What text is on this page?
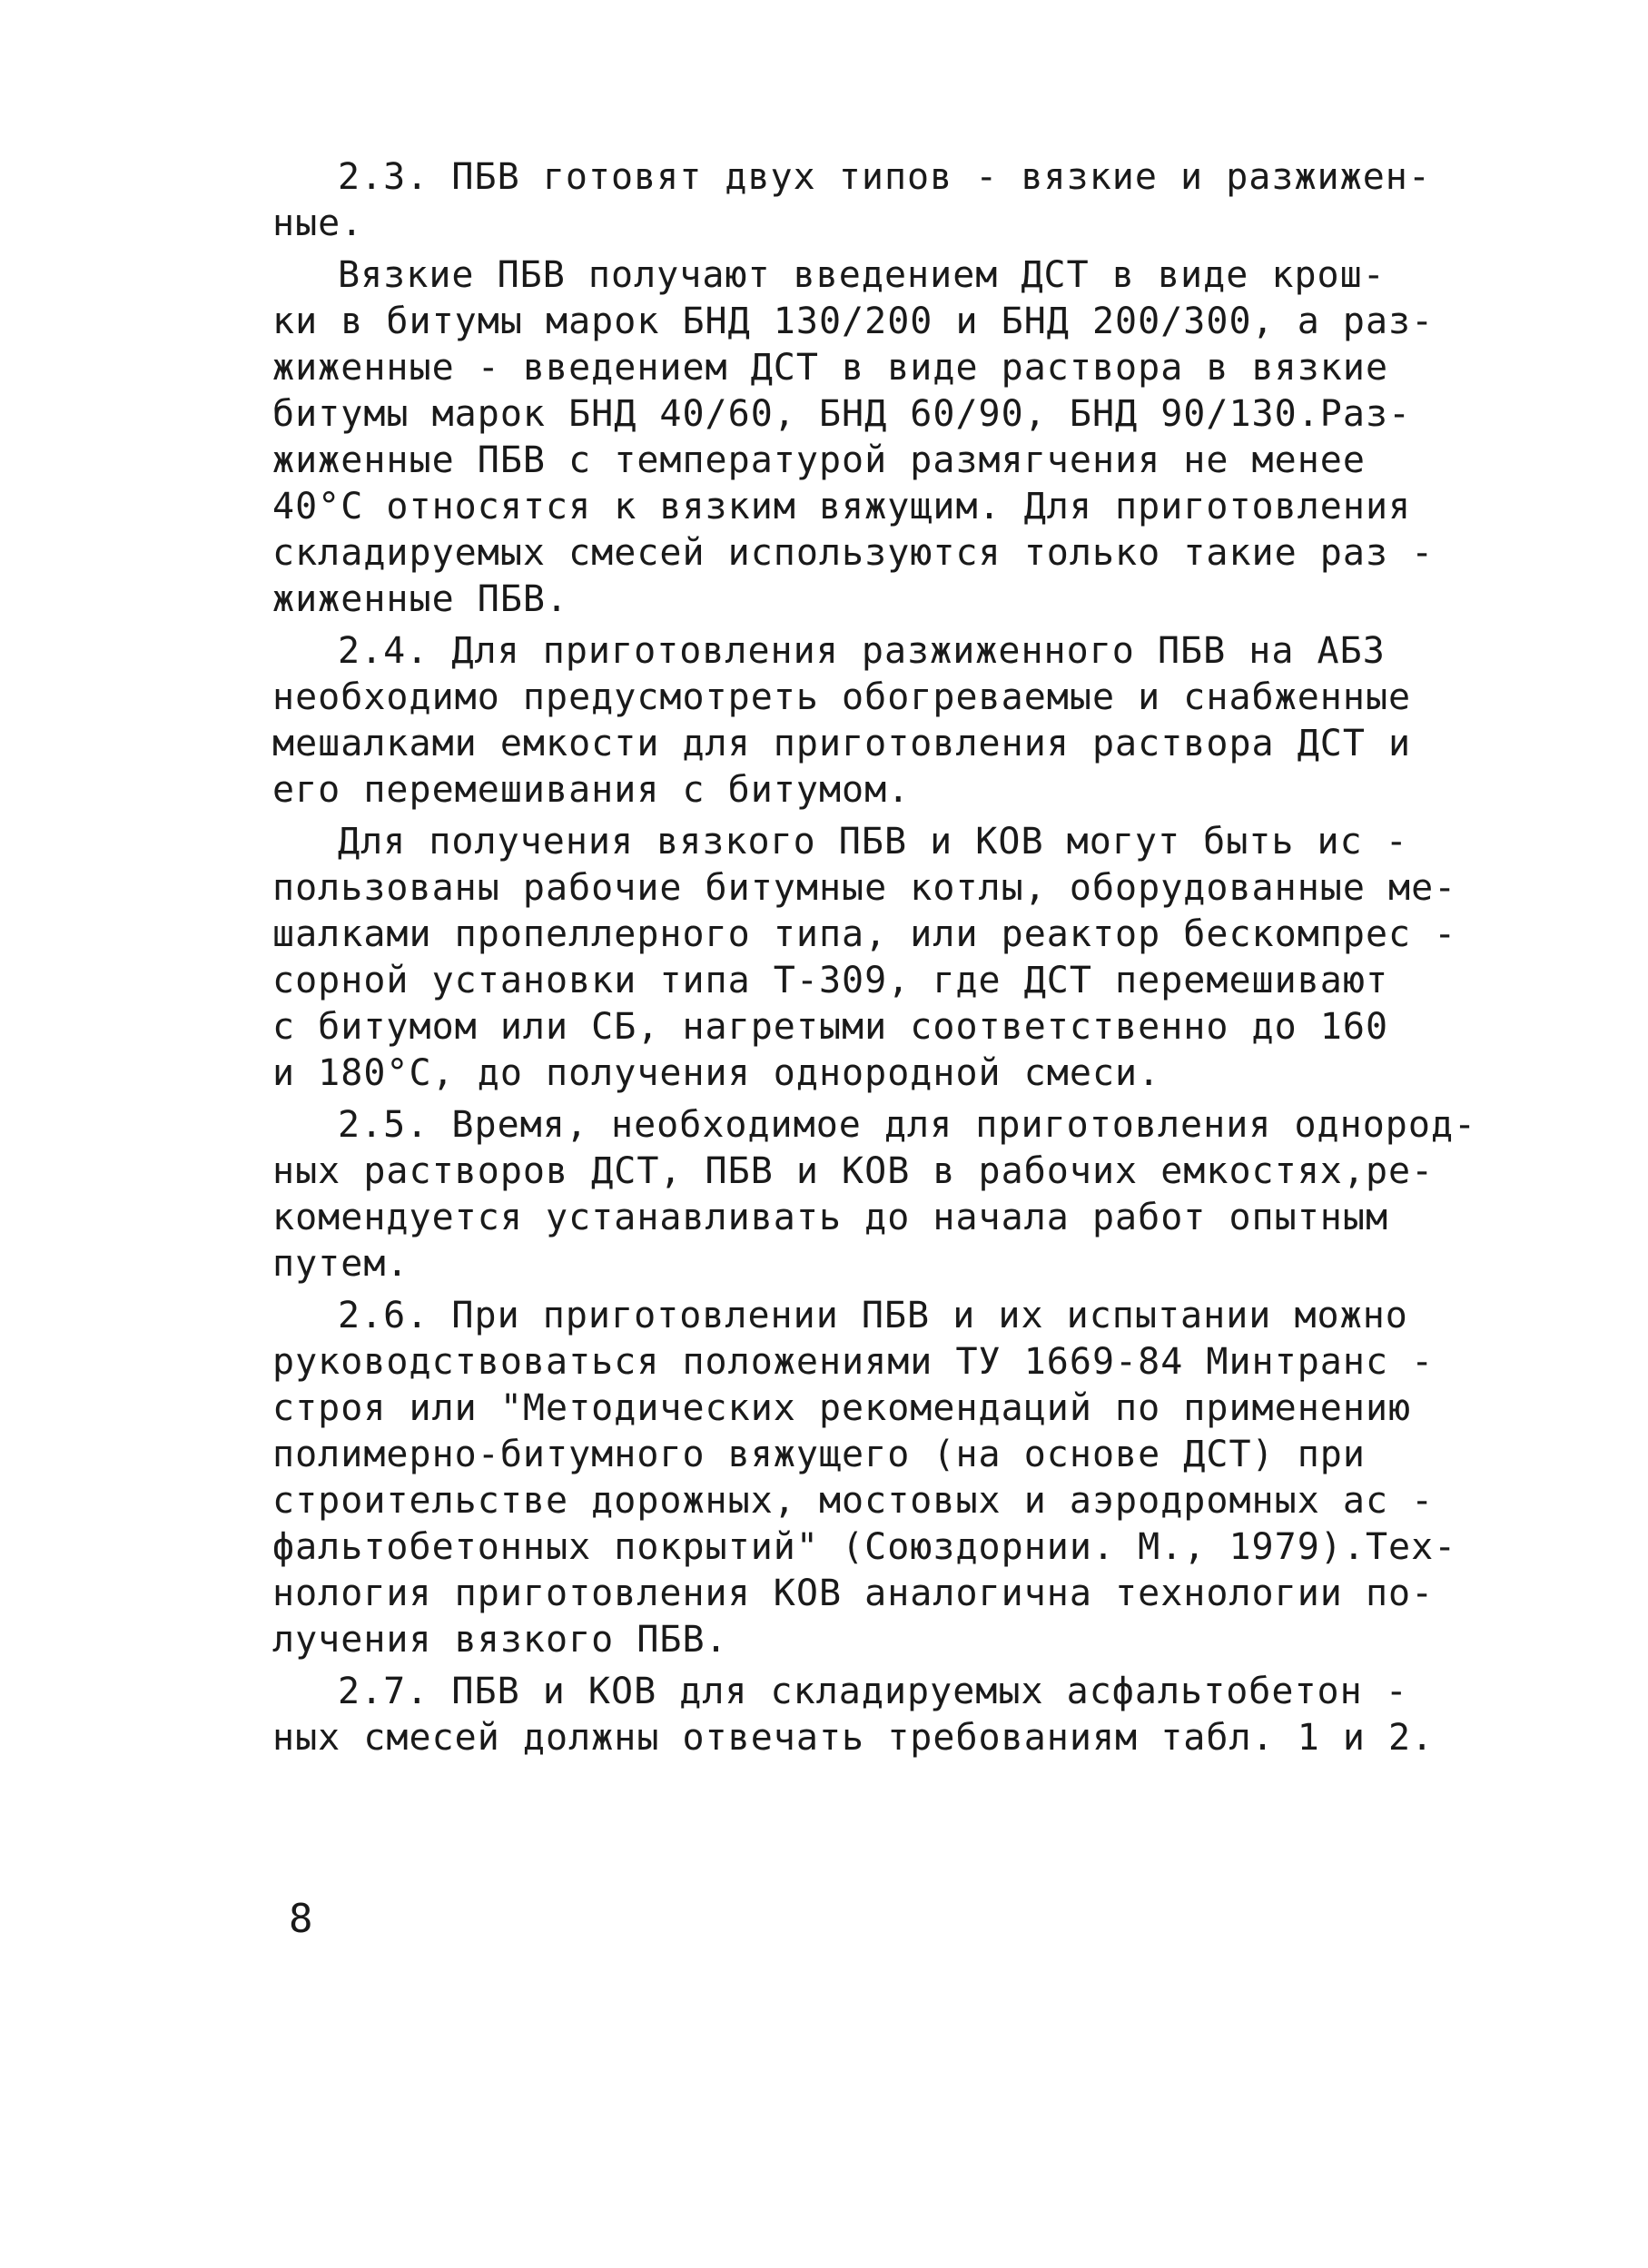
2.3. ПБВ готовят двух типов - вязкие и разжижен-
ные.

Вязкие ПБВ получают введением ДСТ в виде крош-
ки в битумы марок БНД 130/200 и БНД 200/300, а раз-
жиженные - введением ДСТ в виде раствора в вязкие
битумы марок БНД 40/60, БНД 60/90, БНД 90/130.Раз-
жиженные ПБВ с температурой размягчения не менее
40°С относятся к вязким вяжущим. Для приготовления
складируемых смесей используются только такие раз -
жиженные ПБВ.

2.4. Для приготовления разжиженного ПБВ на АБЗ
необходимо предусмотреть обогреваемые и снабженные
мешалками емкости для приготовления раствора ДСТ и
его перемешивания с битумом.

Для получения вязкого ПБВ и КОВ могут быть ис -
пользованы рабочие битумные котлы, оборудованные ме-
шалками пропеллерного типа, или реактор бескомпрес -
сорной установки типа Т-309, где ДСТ перемешивают
с битумом или СБ, нагретыми соответственно до 160
и 180°С, до получения однородной смеси.

2.5. Время, необходимое для приготовления однород-
ных растворов ДСТ, ПБВ и КОВ в рабочих емкостях,ре-
комендуется устанавливать до начала работ опытным
путем.

2.6. При приготовлении ПБВ и их испытании можно
руководствоваться положениями ТУ 1669-84 Минтранс -
строя или "Методических рекомендаций по применению
полимерно-битумного вяжущего (на основе ДСТ) при
строительстве дорожных, мостовых и аэродромных ас -
фальтобетонных покрытий" (Союздорнии. М., 1979).Тех-
нология приготовления КОВ аналогична технологии по-
лучения вязкого ПБВ.

2.7. ПБВ и КОВ для складируемых асфальтобетон -
ных смесей должны отвечать требованиям табл. 1 и 2.

8
